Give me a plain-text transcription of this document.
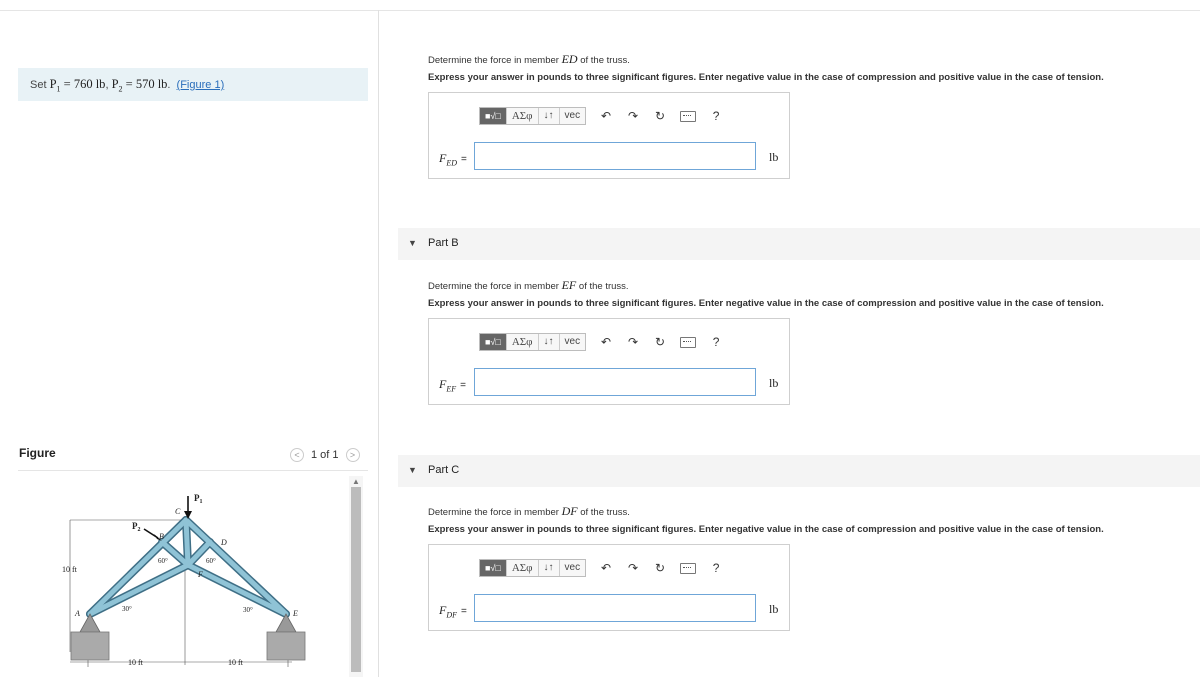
Set $P_1 = 760$ lb, $P_2 = 570$ lb. (Figure 1)
Figure	<	1 of 1	>
$P_1$
$P_2$
C
B
D
F
A	E
60°	60°
30°	30°
10 ft
10 ft	10 ft
▲
Determine the force in member ED of the truss.
Express your answer in pounds to three significant figures. Enter negative value in the case of compression and positive value in the case of tension.
■√□	ΑΣφ	↓↑	vec	↶ ↷ ↻	?
$F_{ED}$ =	lb
▼ Part B
Determine the force in member EF of the truss.
Express your answer in pounds to three significant figures. Enter negative value in the case of compression and positive value in the case of tension.
■√□	ΑΣφ	↓↑	vec	↶ ↷ ↻	?
$F_{EF}$ =	lb
▼ Part C
Determine the force in member DF of the truss.
Express your answer in pounds to three significant figures. Enter negative value in the case of compression and positive value in the case of tension.
■√□	ΑΣφ	↓↑	vec	↶ ↷ ↻	?
$F_{DF}$ =	lb
